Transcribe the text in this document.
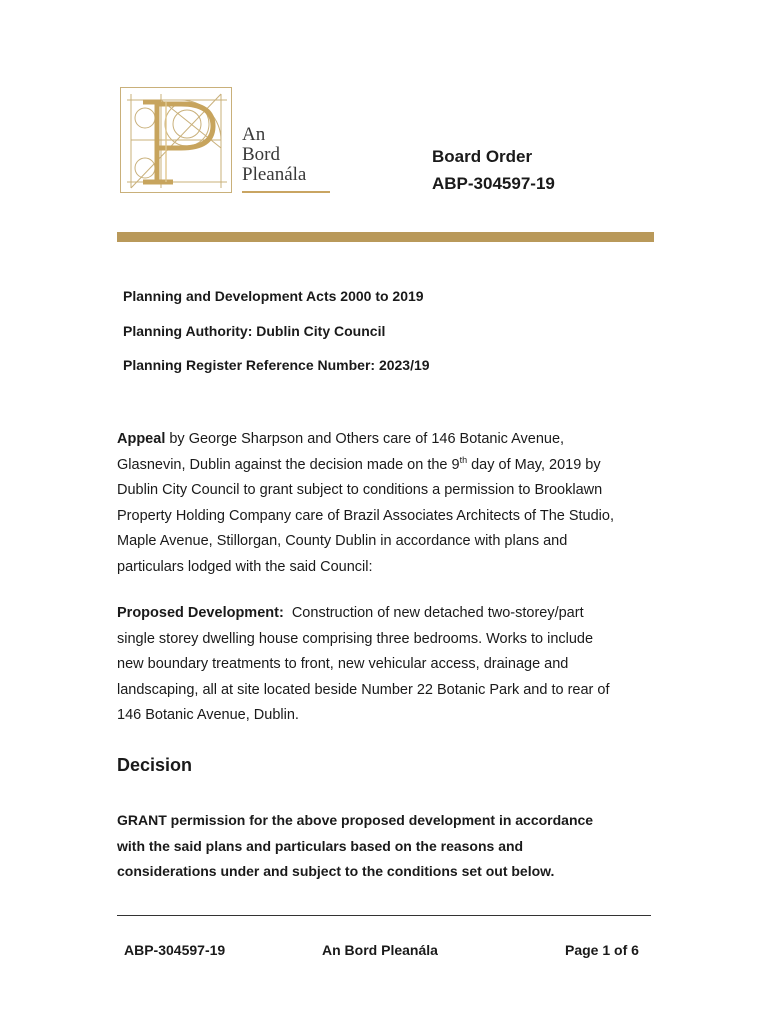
An
Bord
Pleanála
Board Order
ABP-304597-19
Planning and Development Acts 2000 to 2019
Planning Authority: Dublin City Council
Planning Register Reference Number: 2023/19
Appeal by George Sharpson and Others care of 146 Botanic Avenue,
Glasnevin, Dublin against the decision made on the 9th day of May, 2019 by
Dublin City Council to grant subject to conditions a permission to Brooklawn
Property Holding Company care of Brazil Associates Architects of The Studio,
Maple Avenue, Stillorgan, County Dublin in accordance with plans and
particulars lodged with the said Council:
Proposed Development:  Construction of new detached two-storey/part
single storey dwelling house comprising three bedrooms. Works to include
new boundary treatments to front, new vehicular access, drainage and
landscaping, all at site located beside Number 22 Botanic Park and to rear of
146 Botanic Avenue, Dublin.
Decision
GRANT permission for the above proposed development in accordance
with the said plans and particulars based on the reasons and
considerations under and subject to the conditions set out below.
ABP-304597-19	An Bord Pleanála	Page 1 of 6
